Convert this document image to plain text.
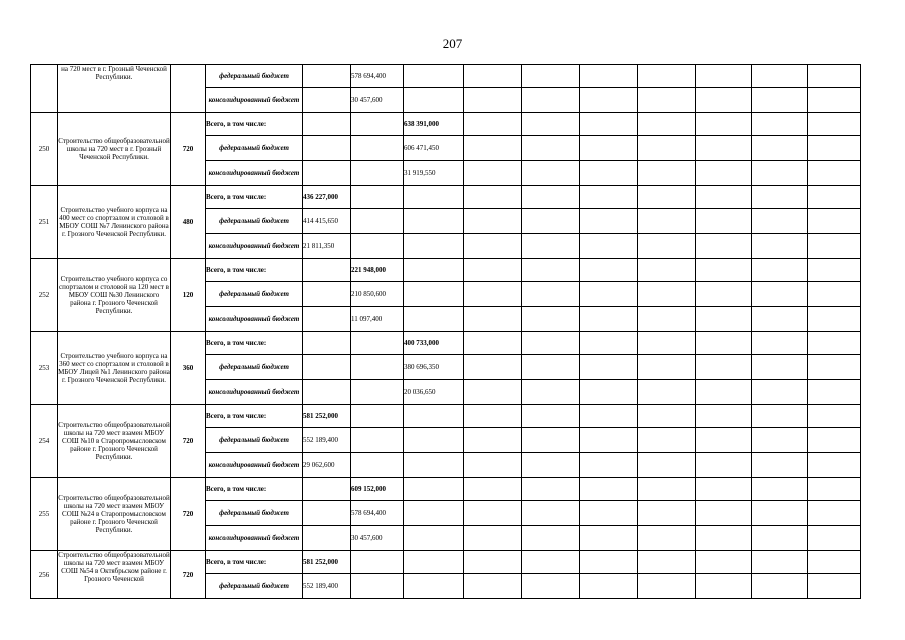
207
	на 720 мест в г. Грозный Чеченской Республики.		федеральный бюджет		578 694,400								
			консолидированный бюджет		30 457,600								
250	Строительство общеобразовательной школы на 720 мест в г. Грозный Чеченской Республики.	720	Всего, в том числе:			638 391,000							
			федеральный бюджет			606 471,450							
			консолидированный бюджет			31 919,550							
251	Строительство учебного корпуса на 400 мест со спортзалом и столовой в МБОУ СОШ №7 Ленинского района г. Грозного Чеченской Республики.	480	Всего, в том числе:	436 227,000									
			федеральный бюджет	414 415,650									
			консолидированный бюджет	21 811,350									
252	Строительство учебного корпуса со спортзалом и столовой на 120 мест в МБОУ СОШ №30 Ленинского района г. Грозного Чеченской Республики.	120	Всего, в том числе:		221 948,000								
			федеральный бюджет		210 850,600								
			консолидированный бюджет		11 097,400								
253	Строительство учебного корпуса на 360 мест со спортзалом и столовой в МБОУ Лицей №1 Ленинского района г. Грозного Чеченской Республики.	360	Всего, в том числе:			400 733,000							
			федеральный бюджет			380 696,350							
			консолидированный бюджет			20 036,650							
254	Строительство общеобразовательной школы на 720 мест взамен МБОУ СОШ №10 в Старопромысловском районе г. Грозного Чеченской Республики.	720	Всего, в том числе:	581 252,000									
			федеральный бюджет	552 189,400									
			консолидированный бюджет	29 062,600									
255	Строительство общеобразовательной школы на 720 мест взамен МБОУ СОШ №24 в Старопромысловском районе г. Грозного Чеченской Республики.	720	Всего, в том числе:		609 152,000								
			федеральный бюджет		578 694,400								
			консолидированный бюджет		30 457,600								
256	Строительство общеобразовательной школы на 720 мест взамен МБОУ СОШ №54 в Октябрьском районе г. Грозного Чеченской	720	Всего, в том числе:	581 252,000									
			федеральный бюджет	552 189,400									
